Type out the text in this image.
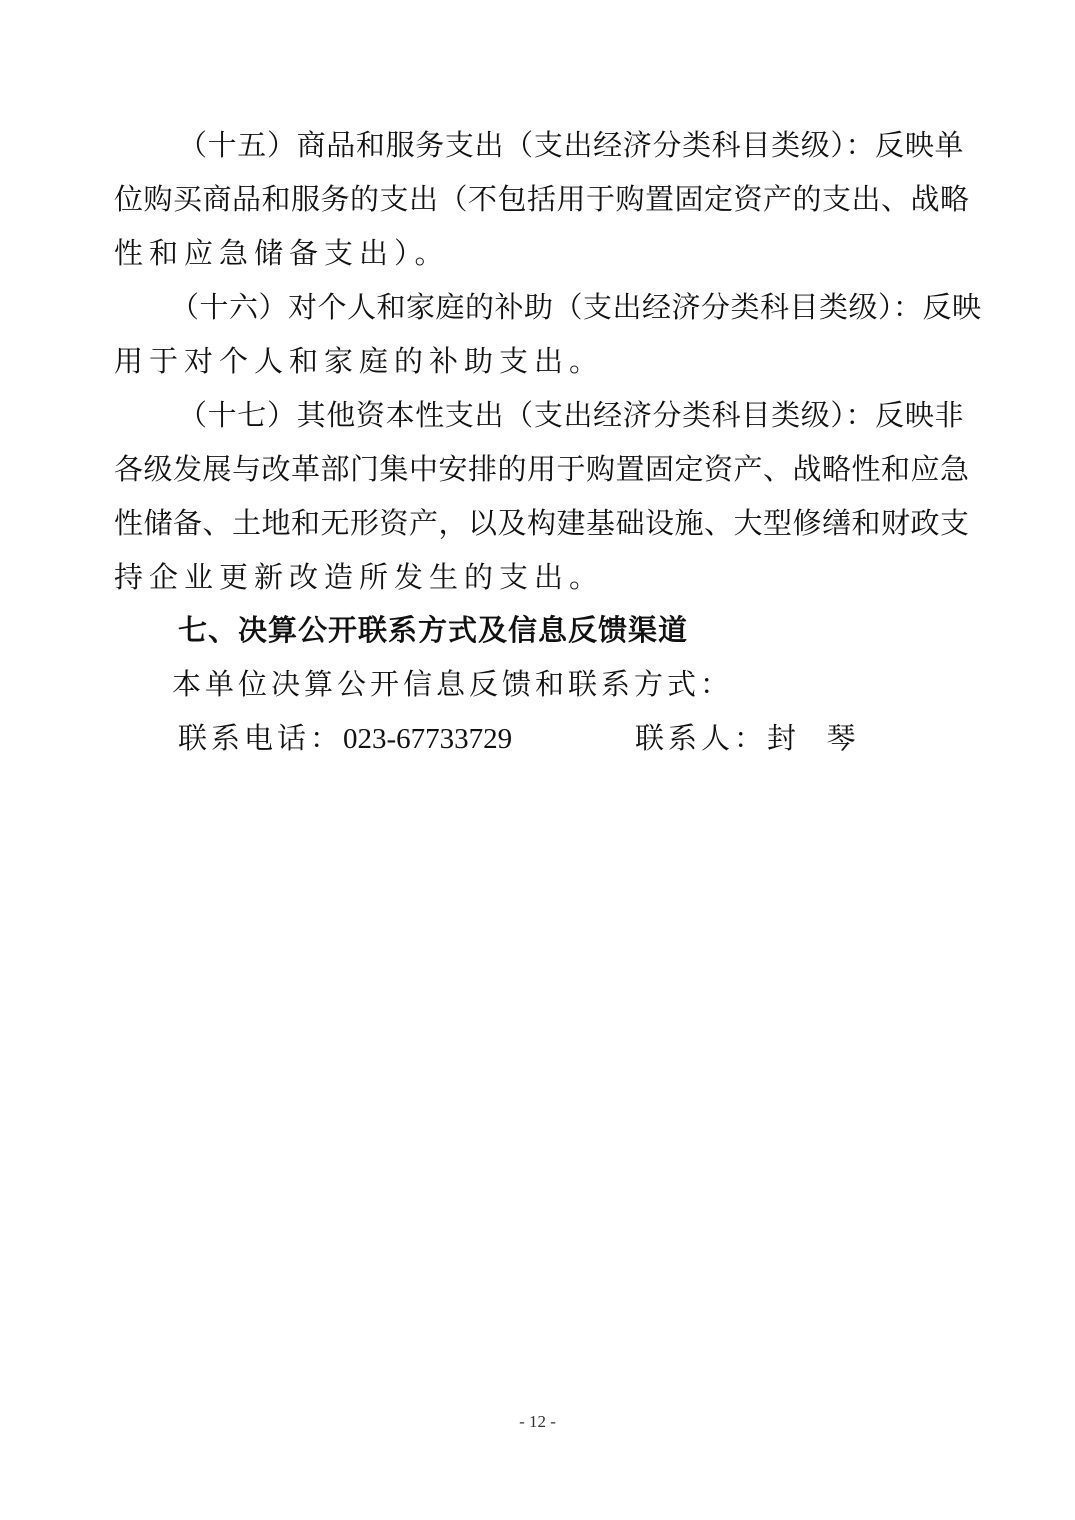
（十五）商品和服务支出（支出经济分类科目类级）：反映单
位购买商品和服务的支出（不包括用于购置固定资产的支出、战略
性和应急储备支出）。
（十六）对个人和家庭的补助（支出经济分类科目类级）：反映
用于对个人和家庭的补助支出。
（十七）其他资本性支出（支出经济分类科目类级）：反映非
各级发展与改革部门集中安排的用于购置固定资产、战略性和应急
性储备、土地和无形资产，以及构建基础设施、大型修缮和财政支
持企业更新改造所发生的支出。
七、决算公开联系方式及信息反馈渠道
本单位决算公开信息反馈和联系方式：
联系电话：023-67733729	联系人：封  琴
- 12 -
